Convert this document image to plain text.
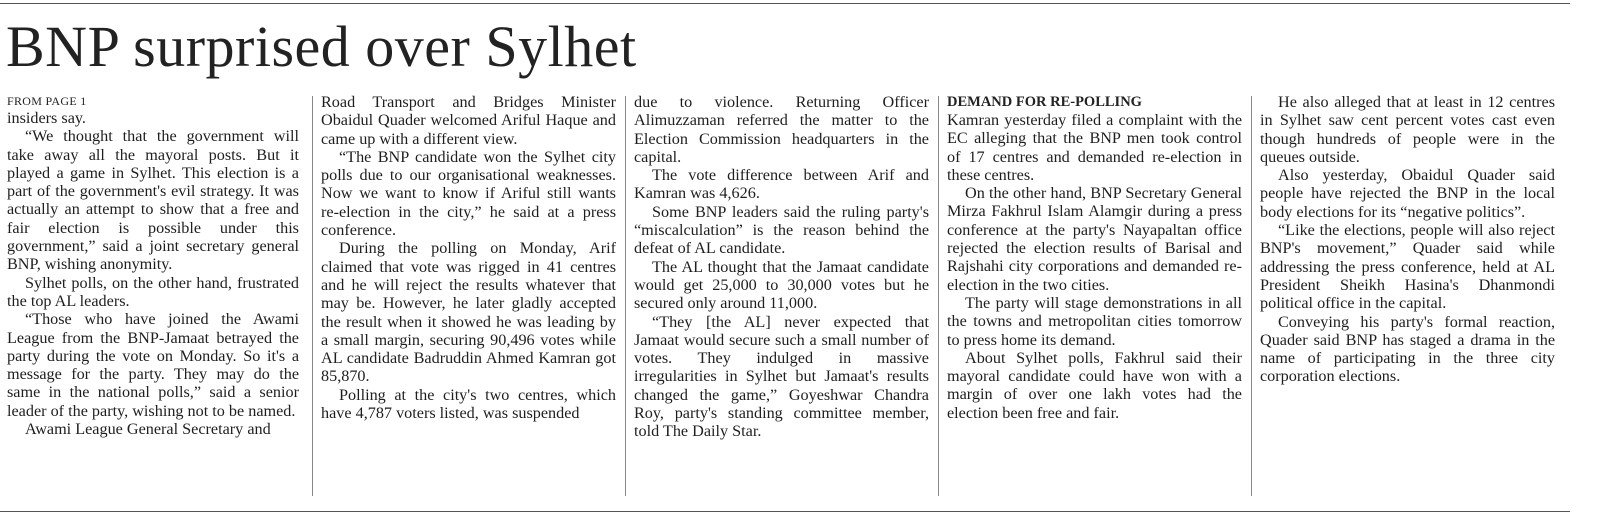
BNP surprised over Sylhet
FROM PAGE 1

insiders say.

“We thought that the government will take away all the mayoral posts. But it played a game in Sylhet. This election is a part of the government's evil strategy. It was actually an attempt to show that a free and fair election is possible under this government,” said a joint secretary general BNP, wishing anonymity.

Sylhet polls, on the other hand, frustrated the top AL leaders.

“Those who have joined the Awami League from the BNP-Jamaat betrayed the party during the vote on Monday. So it's a message for the party. They may do the same in the national polls,” said a senior leader of the party, wishing not to be named.

Awami League General Secretary and

Road Transport and Bridges Minister Obaidul Quader welcomed Ariful Haque and came up with a different view.

“The BNP candidate won the Sylhet city polls due to our organisational weaknesses. Now we want to know if Ariful still wants re-election in the city,” he said at a press conference.

During the polling on Monday, Arif claimed that vote was rigged in 41 centres and he will reject the results whatever that may be. However, he later gladly accepted the result when it showed he was leading by a small margin, securing 90,496 votes while AL candidate Badruddin Ahmed Kamran got 85,870.

Polling at the city's two centres, which have 4,787 voters listed, was suspended

due to violence. Returning Officer Alimuzzaman referred the matter to the Election Commission headquarters in the capital.

The vote difference between Arif and Kamran was 4,626.

Some BNP leaders said the ruling party's “miscalculation” is the reason behind the defeat of AL candidate.

The AL thought that the Jamaat candidate would get 25,000 to 30,000 votes but he secured only around 11,000.

“They [the AL] never expected that Jamaat would secure such a small number of votes. They indulged in massive irregularities in Sylhet but Jamaat's results changed the game,” Goyeshwar Chandra Roy, party's standing committee member, told The Daily Star.

DEMAND FOR RE-POLLING

Kamran yesterday filed a complaint with the EC alleging that the BNP men took control of 17 centres and demanded re-election in these centres.

On the other hand, BNP Secretary General Mirza Fakhrul Islam Alamgir during a press conference at the party's Nayapaltan office rejected the election results of Barisal and Rajshahi city corporations and demanded re-election in the two cities.

The party will stage demonstrations in all the towns and metropolitan cities tomorrow to press home its demand.

About Sylhet polls, Fakhrul said their mayoral candidate could have won with a margin of over one lakh votes had the election been free and fair.

He also alleged that at least in 12 centres in Sylhet saw cent percent votes cast even though hundreds of people were in the queues outside.

Also yesterday, Obaidul Quader said people have rejected the BNP in the local body elections for its “negative politics”.

“Like the elections, people will also reject BNP's movement,” Quader said while addressing the press conference, held at AL President Sheikh Hasina's Dhanmondi political office in the capital.

Conveying his party's formal reaction, Quader said BNP has staged a drama in the name of participating in the three city corporation elections.
